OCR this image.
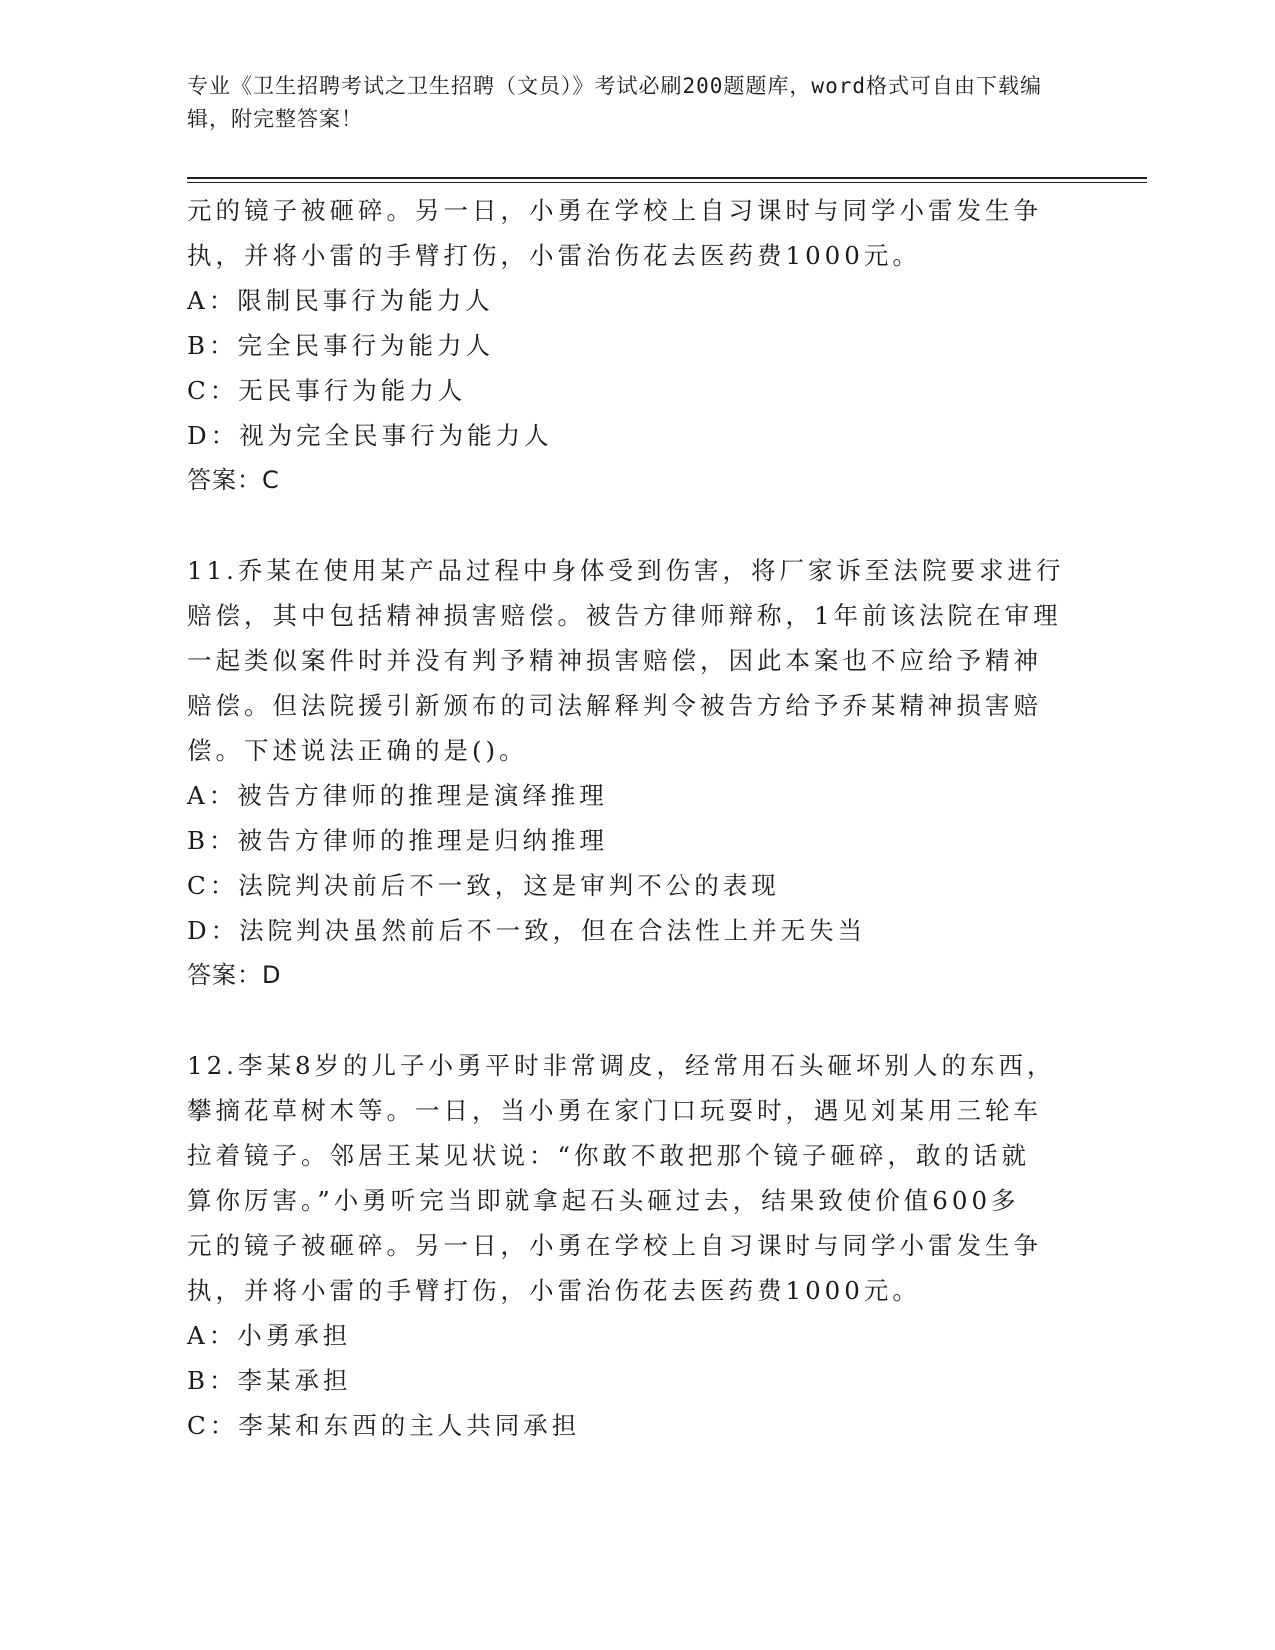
专业《卫生招聘考试之卫生招聘（文员）》考试必刷200题题库，word格式可自由下载编辑，附完整答案！

元的镜子被砸碎。另一日，小勇在学校上自习课时与同学小雷发生争

执，并将小雷的手臂打伤，小雷治伤花去医药费1000元。

A：限制民事行为能力人

B：完全民事行为能力人

C：无民事行为能力人

D：视为完全民事行为能力人

答案：C

11.乔某在使用某产品过程中身体受到伤害，将厂家诉至法院要求进行

赔偿，其中包括精神损害赔偿。被告方律师辩称，1年前该法院在审理

一起类似案件时并没有判予精神损害赔偿，因此本案也不应给予精神

赔偿。但法院援引新颁布的司法解释判令被告方给予乔某精神损害赔

偿。下述说法正确的是()。

A：被告方律师的推理是演绎推理

B：被告方律师的推理是归纳推理

C：法院判决前后不一致，这是审判不公的表现

D：法院判决虽然前后不一致，但在合法性上并无失当

答案：D

12.李某8岁的儿子小勇平时非常调皮，经常用石头砸坏别人的东西，

攀摘花草树木等。一日，当小勇在家门口玩耍时，遇见刘某用三轮车

拉着镜子。邻居王某见状说：“你敢不敢把那个镜子砸碎，敢的话就

算你厉害。”小勇听完当即就拿起石头砸过去，结果致使价值600多

元的镜子被砸碎。另一日，小勇在学校上自习课时与同学小雷发生争

执，并将小雷的手臂打伤，小雷治伤花去医药费1000元。

A：小勇承担

B：李某承担

C：李某和东西的主人共同承担
